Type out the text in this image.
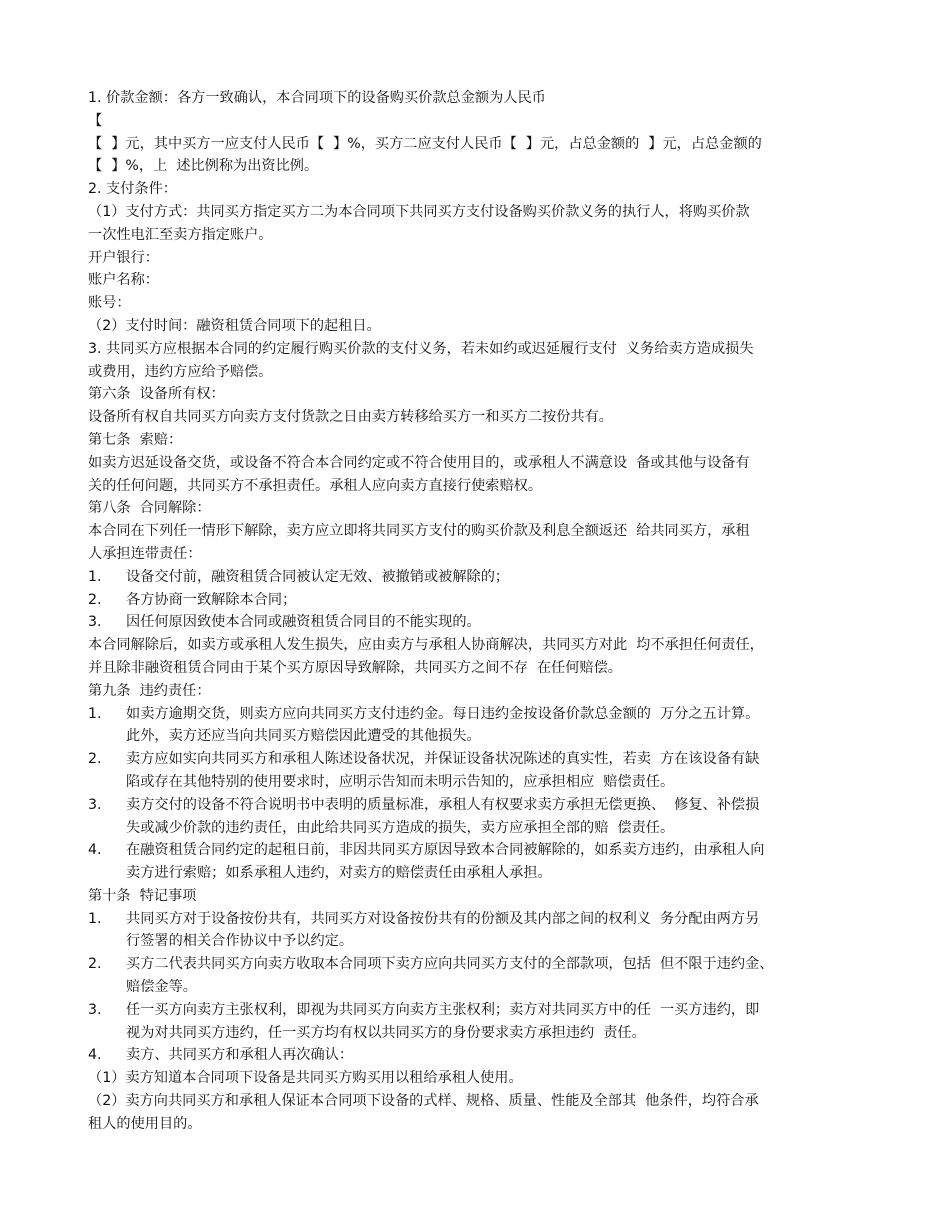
1. 价款金额：各方一致确认，本合同项下的设备购买价款总金额为人民币
【
【  】元，其中买方一应支付人民币【  】%，买方二应支付人民币【  】元，占总金额的  】元，占总金额的
【  】%，上  述比例称为出资比例。
2. 支付条件：
（1）支付方式：共同买方指定买方二为本合同项下共同买方支付设备购买价款义务的执行人，将购买价款
一次性电汇至卖方指定账户。
开户银行：
账户名称：
账号：
（2）支付时间：融资租赁合同项下的起租日。
3. 共同买方应根据本合同的约定履行购买价款的支付义务，若未如约或迟延履行支付  义务给卖方造成损失
或费用，违约方应给予赔偿。
第六条  设备所有权：
设备所有权自共同买方向卖方支付货款之日由卖方转移给买方一和买方二按份共有。
第七条  索赔：
如卖方迟延设备交货，或设备不符合本合同约定或不符合使用目的，或承租人不满意设  备或其他与设备有
关的任何问题，共同买方不承担责任。承租人应向卖方直接行使索赔权。
第八条  合同解除：
本合同在下列任一情形下解除，卖方应立即将共同买方支付的购买价款及利息全额返还  给共同买方，承租
人承担连带责任：
1.	设备交付前，融资租赁合同被认定无效、被撤销或被解除的；
2.	各方协商一致解除本合同；
3.	因任何原因致使本合同或融资租赁合同目的不能实现的。
本合同解除后，如卖方或承租人发生损失，应由卖方与承租人协商解决，共同买方对此  均不承担任何责任，
并且除非融资租赁合同由于某个买方原因导致解除，共同买方之间不存  在任何赔偿。
第九条  违约责任：
1.	如卖方逾期交货，则卖方应向共同买方支付违约金。每日违约金按设备价款总金额的  万分之五计算。
此外，卖方还应当向共同买方赔偿因此遭受的其他损失。
2.	卖方应如实向共同买方和承租人陈述设备状况，并保证设备状况陈述的真实性，若卖  方在该设备有缺
陷或存在其他特别的使用要求时，应明示告知而未明示告知的，应承担相应  赔偿责任。
3.	卖方交付的设备不符合说明书中表明的质量标准，承租人有权要求卖方承担无偿更换、  修复、补偿损
失或减少价款的违约责任，由此给共同买方造成的损失，卖方应承担全部的赔  偿责任。
4.	在融资租赁合同约定的起租日前，非因共同买方原因导致本合同被解除的，如系卖方违约，由承租人向
卖方进行索赔；如系承租人违约，对卖方的赔偿责任由承租人承担。
第十条  特记事项
1.	共同买方对于设备按份共有，共同买方对设备按份共有的份额及其内部之间的权利义  务分配由两方另
行签署的相关合作协议中予以约定。
2.	买方二代表共同买方向卖方收取本合同项下卖方应向共同买方支付的全部款项，包括  但不限于违约金、
赔偿金等。
3.	任一买方向卖方主张权利，即视为共同买方向卖方主张权利；卖方对共同买方中的任  一买方违约，即
视为对共同买方违约，任一买方均有权以共同买方的身份要求卖方承担违约  责任。
4.	卖方、共同买方和承租人再次确认：
（1）卖方知道本合同项下设备是共同买方购买用以租给承租人使用。
（2）卖方向共同买方和承租人保证本合同项下设备的式样、规格、质量、性能及全部其  他条件，均符合承
租人的使用目的。
